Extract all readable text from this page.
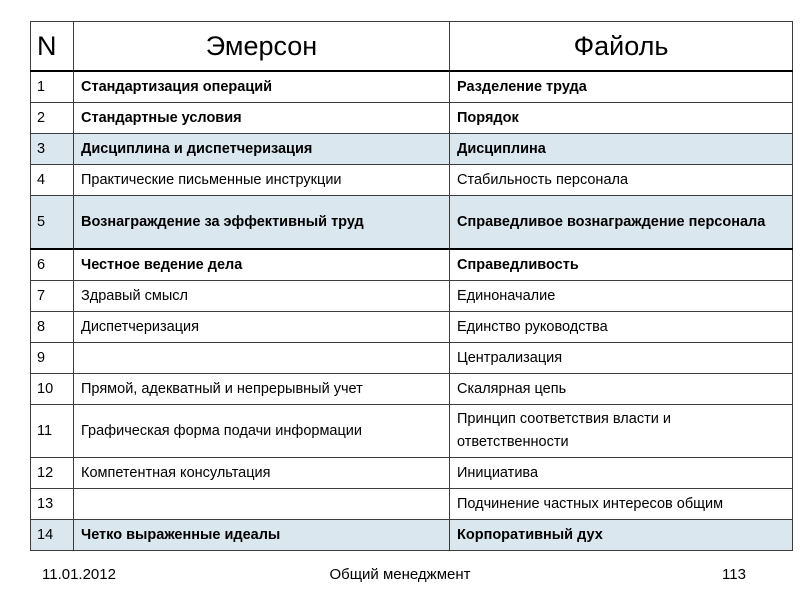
N	Эмерсон	Файоль
1	Стандартизация операций	Разделение труда
2	Стандартные условия	Порядок
3	Дисциплина и диспетчеризация	Дисциплина
4	Практические письменные инструкции	Стабильность персонала
5	Вознаграждение за эффективный труд	Справедливое вознаграждение персонала
6	Честное ведение дела	Справедливость
7	Здравый смысл	Единоначалие
8	Диспетчеризация	Единство руководства
9		Централизация
10	Прямой, адекватный и непрерывный учет	Скалярная цепь
11	Графическая форма подачи информации	Принцип соответствия власти и ответственности
12	Компетентная консультация	Инициатива
13		Подчинение частных интересов общим
14	Четко выраженные идеалы	Корпоративный дух
11.01.2012	Общий менеджмент	113
